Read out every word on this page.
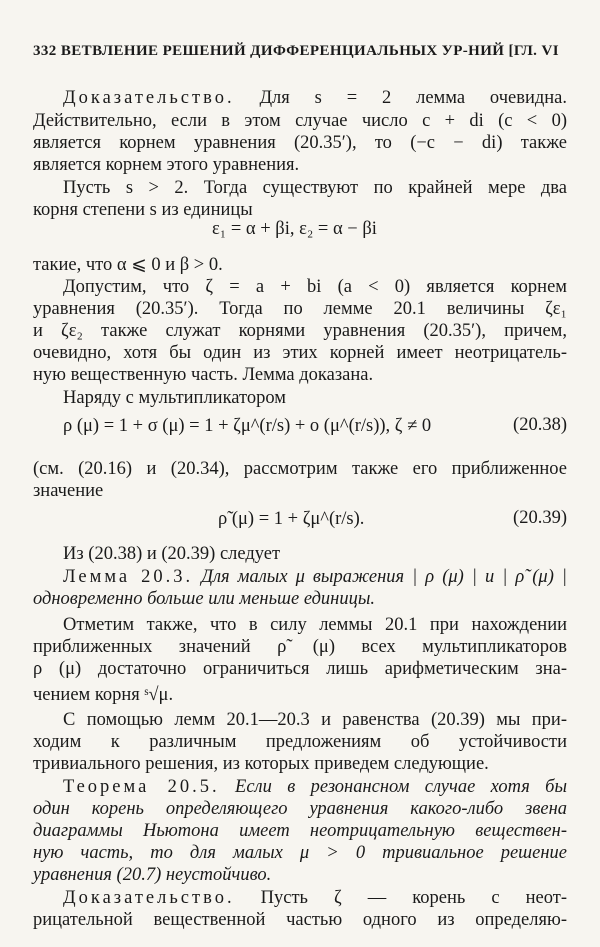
332 ВЕТВЛЕНИЕ РЕШЕНИЙ ДИФФЕРЕНЦИАЛЬНЫХ УР-НИЙ [ГЛ. VI
Доказательство. Для s = 2 лемма очевидна.
Действительно, если в этом случае число c + di (c < 0)
является корнем уравнения (20.35′), то (−c − di) также
является корнем этого уравнения.
Пусть s > 2. Тогда существуют по крайней мере два
корня степени s из единицы
ε₁ = α + βi, ε₂ = α − βi
такие, что α ⩽ 0 и β > 0.
Допустим, что ζ = a + bi (a < 0) является корнем
уравнения (20.35′). Тогда по лемме 20.1 величины ζε₁
и ζε₂ также служат корнями уравнения (20.35′), причем,
очевидно, хотя бы один из этих корней имеет неотрицатель-
ную вещественную часть. Лемма доказана.
Наряду с мультипликатором
ρ (μ) = 1 + σ (μ) = 1 + ζμ^(r/s) + o (μ^(r/s)), ζ ≠ 0	(20.38)
(см. (20.16) и (20.34), рассмотрим также его приближенное
значение
ρ̃ (μ) = 1 + ζμ^(r/s).	(20.39)
Из (20.38) и (20.39) следует
Лемма 20.3. Для малых μ выражения | ρ (μ) | и | ρ̃ (μ) |
одновременно больше или меньше единицы.
Отметим также, что в силу леммы 20.1 при нахождении
приближенных значений ρ̃ (μ) всех мультипликаторов
ρ (μ) достаточно ограничиться лишь арифметическим зна-
чением корня ˢ√μ.
С помощью лемм 20.1—20.3 и равенства (20.39) мы при-
ходим к различным предложениям об устойчивости
тривиального решения, из которых приведем следующие.
Теорема 20.5. Если в резонансном случае хотя бы
один корень определяющего уравнения какого-либо звена
диаграммы Ньютона имеет неотрицательную веществен-
ную часть, то для малых μ > 0 тривиальное решение
уравнения (20.7) неустойчиво.
Доказательство. Пусть ζ — корень с неот-
рицательной вещественной частью одного из определяю-
